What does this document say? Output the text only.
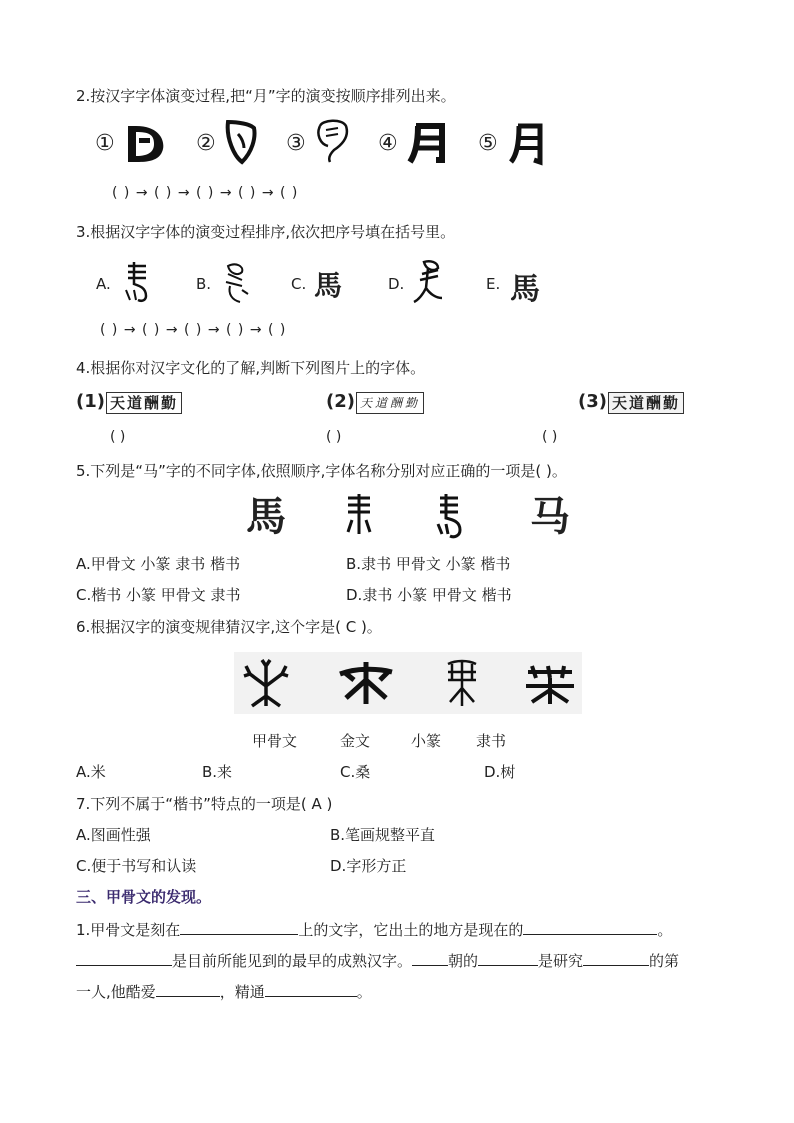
2.按汉字字体演变过程,把“月”字的演变按顺序排列出来。
①	②	③	④	⑤
( ) → ( ) → ( ) → ( ) → ( )
3.根据汉字字体的演变过程排序,依次把序号填在括号里。
A.	B.	C. 馬	D.	E. 馬
( ) → ( ) → ( ) → ( ) → ( )
4.根据你对汉字文化的了解,判断下列图片上的字体。
(1) 天道酬勤	(2) 天道酬勤	(3) 天道酬勤
( )	( )	( )
5.下列是“马”字的不同字体,依照顺序,字体名称分别对应正确的一项是( )。
馬	马
A.甲骨文 小篆 隶书 楷书	B.隶书 甲骨文 小篆 楷书
C.楷书 小篆 甲骨文 隶书	D.隶书 小篆 甲骨文 楷书
6.根据汉字的演变规律猜汉字,这个字是( C )。
甲骨文	金文	小篆 隶书
A.米	B.来	C.桑	D.树
7.下列不属于“楷书”特点的一项是( A )
A.图画性强	B.笔画规整平直
C.便于书写和认读	D.字形方正
三、甲骨文的发现。
1.甲骨文是刻在	上的文字，它出土的地方是现在的	。
是目前所能见到的最早的成熟汉字。 朝的	是研究	的第
一人,他酷爱	，精通	。
